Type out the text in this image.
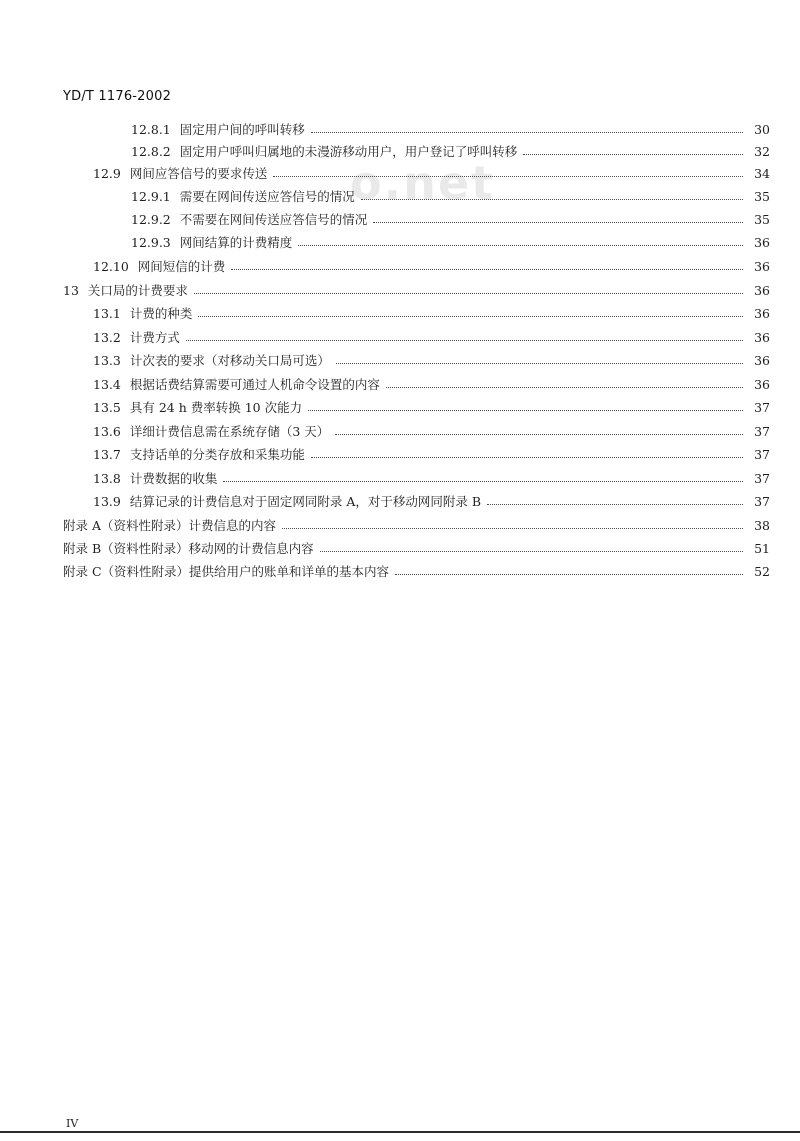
YD/T 1176-2002
o.net
12.8.1 固定用户间的呼叫转移	30
12.8.2 固定用户呼叫归属地的未漫游移动用户，用户登记了呼叫转移	32
12.9 网间应答信号的要求传送	34
12.9.1 需要在网间传送应答信号的情况	35
12.9.2 不需要在网间传送应答信号的情况	35
12.9.3 网间结算的计费精度	36
12.10 网间短信的计费	36
13 关口局的计费要求	36
13.1 计费的种类	36
13.2 计费方式	36
13.3 计次表的要求（对移动关口局可选）	36
13.4 根据话费结算需要可通过人机命令设置的内容	36
13.5 具有 24 h 费率转换 10 次能力	37
13.6 详细计费信息需在系统存储（3 天）	37
13.7 支持话单的分类存放和采集功能	37
13.8 计费数据的收集	37
13.9 结算记录的计费信息对于固定网同附录 A，对于移动网同附录 B	37
附录 A（资料性附录）计费信息的内容	38
附录 B（资料性附录）移动网的计费信息内容	51
附录 C（资料性附录）提供给用户的账单和详单的基本内容	52
IV
